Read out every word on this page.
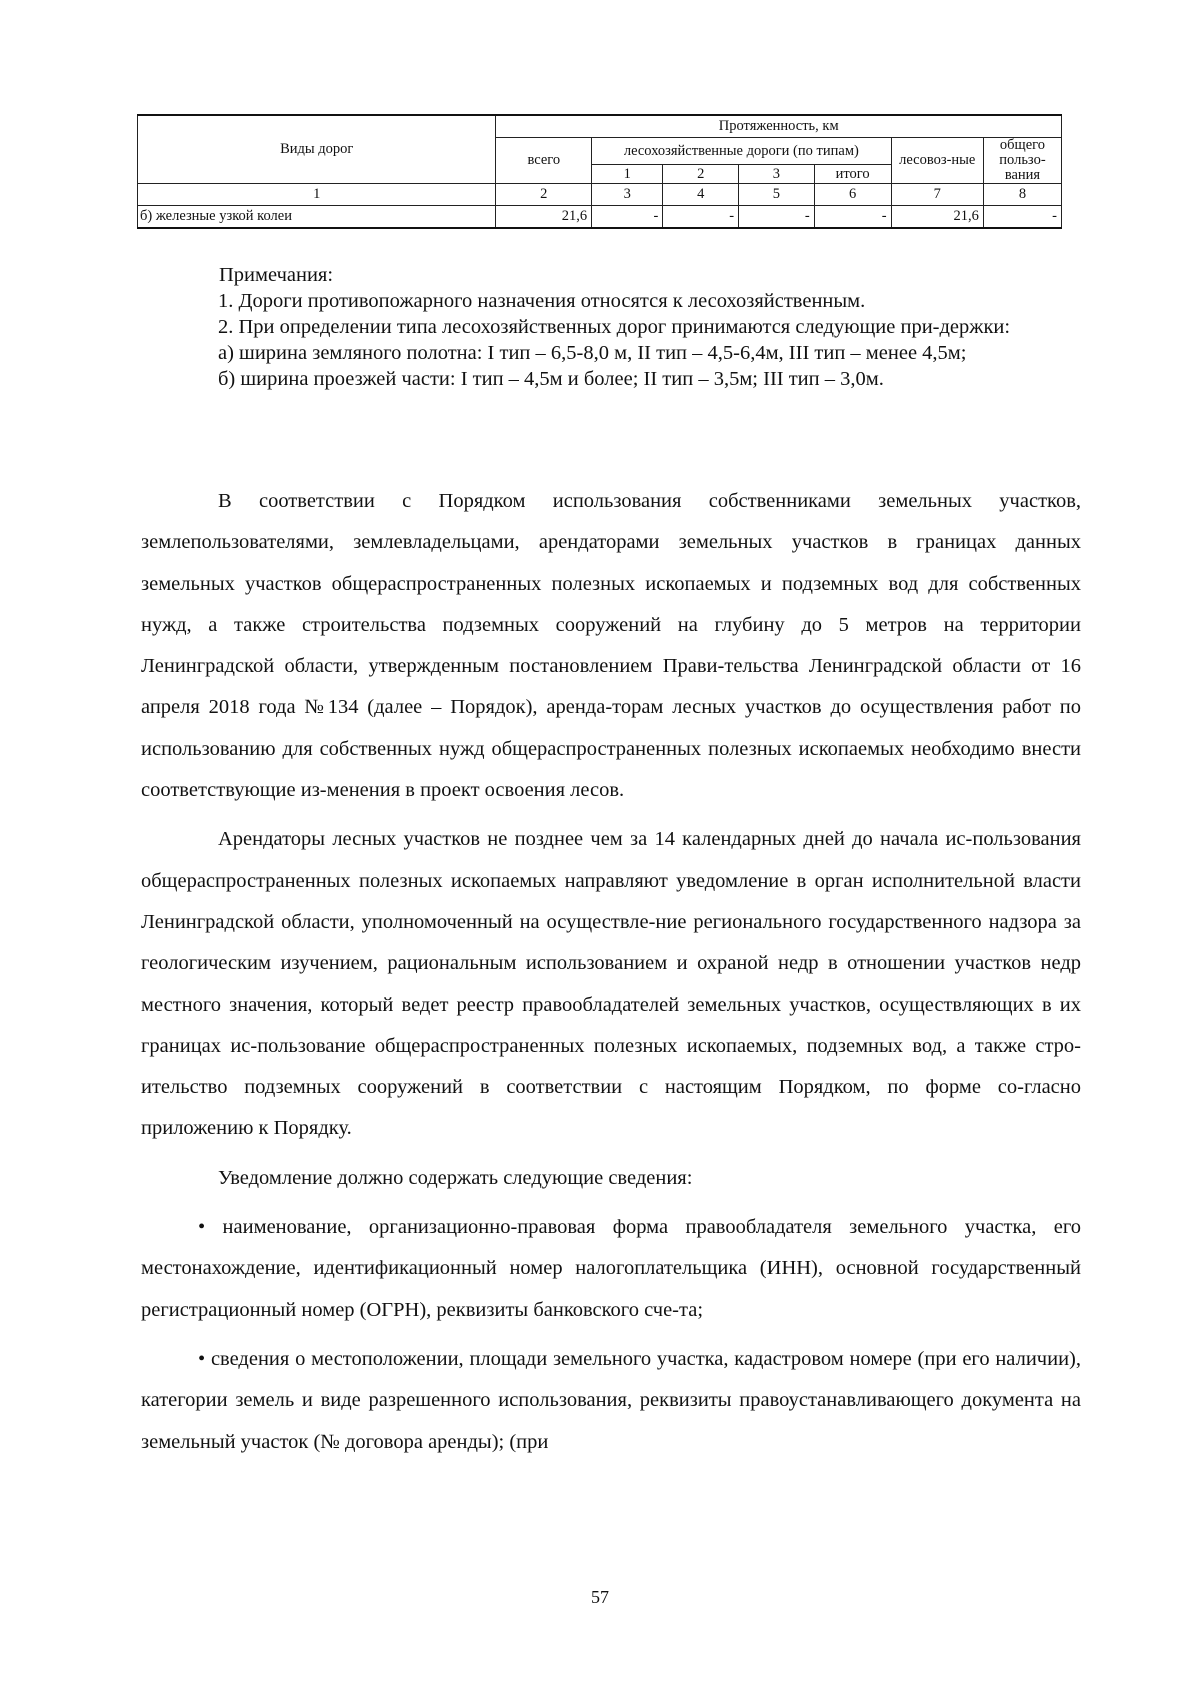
Виды дорог	Протяженность, км						
	всего	лесохозяйственные дороги (по типам)				лесовоз-ные	общего пользо-вания

		1	2	3	итого		
1	2	3	4	5	6	7	8
б) железные узкой колеи	21,6	-	-	-	-	21,6	-

Примечания:

1. Дороги противопожарного назначения относятся к лесохозяйственным.

2. При определении типа лесохозяйственных дорог принимаются следующие при-держки:

а) ширина земляного полотна: I тип – 6,5-8,0 м, II тип – 4,5-6,4м, III тип – менее 4,5м;

б) ширина проезжей части: I тип – 4,5м и более; II тип – 3,5м; III тип – 3,0м.

В соответствии с Порядком использования собственниками земельных участков, землепользователями, землевладельцами, арендаторами земельных участков в границах данных земельных участков общераспространенных полезных ископаемых и подземных вод для собственных нужд, а также строительства подземных сооружений на глубину до 5 метров на территории Ленинградской области, утвержденным постановлением Прави-тельства Ленинградской области от 16 апреля 2018 года №134 (далее – Порядок), аренда-торам лесных участков до осуществления работ по использованию для собственных нужд общераспространенных полезных ископаемых необходимо внести соответствующие из-менения в проект освоения лесов.

Арендаторы лесных участков не позднее чем за 14 календарных дней до начала ис-пользования общераспространенных полезных ископаемых направляют уведомление в орган исполнительной власти Ленинградской области, уполномоченный на осуществле-ние регионального государственного надзора за геологическим изучением, рациональным использованием и охраной недр в отношении участков недр местного значения, который ведет реестр правообладателей земельных участков, осуществляющих в их границах ис-пользование общераспространенных полезных ископаемых, подземных вод, а также стро-ительство подземных сооружений в соответствии с настоящим Порядком, по форме со-гласно приложению к Порядку.

Уведомление должно содержать следующие сведения:

• наименование, организационно-правовая форма правообладателя земельного участка, его местонахождение, идентификационный номер налогоплательщика (ИНН), основной государственный регистрационный номер (ОГРН), реквизиты банковского сче-та;

• сведения о местоположении, площади земельного участка, кадастровом номере (при его наличии), категории земель и виде разрешенного использования, реквизиты правоустанавливающего документа на земельный участок (№ договора аренды); (при

57
